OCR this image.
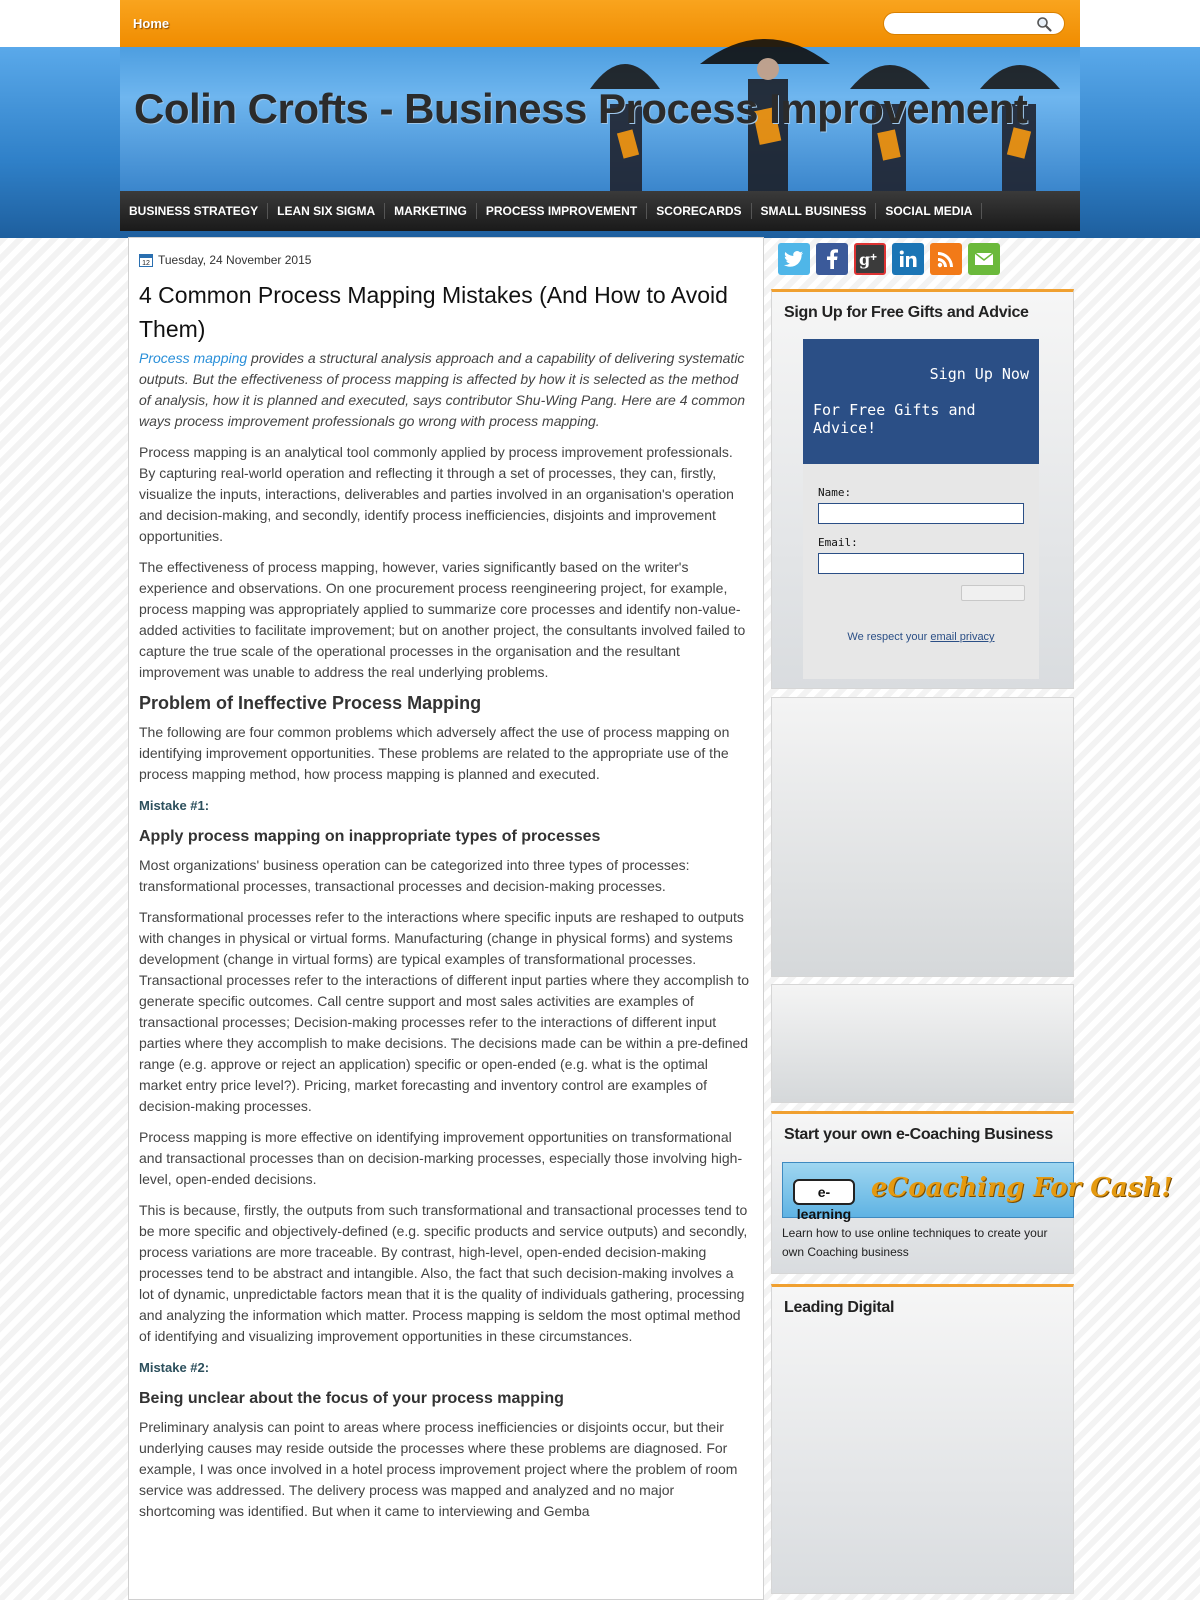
Home
Colin Crofts - Business Process Improvement
BUSINESS STRATEGY	LEAN SIX SIGMA	MARKETING	PROCESS IMPROVEMENT	SCORECARDS	SMALL BUSINESS	SOCIAL MEDIA
12 Tuesday, 24 November 2015
4 Common Process Mapping Mistakes (And How to Avoid Them)

Process mapping provides a structural analysis approach and a capability of delivering systematic outputs. But the effectiveness of process mapping is affected by how it is selected as the method of analysis, how it is planned and executed, says contributor Shu-Wing Pang. Here are 4 common ways process improvement professionals go wrong with process mapping.

Process mapping is an analytical tool commonly applied by process improvement professionals. By capturing real-world operation and reflecting it through a set of processes, they can, firstly, visualize the inputs, interactions, deliverables and parties involved in an organisation's operation and decision-making, and secondly, identify process inefficiencies, disjoints and improvement opportunities.

The effectiveness of process mapping, however, varies significantly based on the writer's experience and observations. On one procurement process reengineering project, for example, process mapping was appropriately applied to summarize core processes and identify non-value-added activities to facilitate improvement; but on another project, the consultants involved failed to capture the true scale of the operational processes in the organisation and the resultant improvement was unable to address the real underlying problems.

Problem of Ineffective Process Mapping

The following are four common problems which adversely affect the use of process mapping on identifying improvement opportunities. These problems are related to the appropriate use of the process mapping method, how process mapping is planned and executed.

Mistake #1:

Apply process mapping on inappropriate types of processes

Most organizations' business operation can be categorized into three types of processes: transformational processes, transactional processes and decision-making processes.

Transformational processes refer to the interactions where specific inputs are reshaped to outputs with changes in physical or virtual forms. Manufacturing (change in physical forms) and systems development (change in virtual forms) are typical examples of transformational processes. Transactional processes refer to the interactions of different input parties where they accomplish to generate specific outcomes. Call centre support and most sales activities are examples of transactional processes; Decision-making processes refer to the interactions of different input parties where they accomplish to make decisions. The decisions made can be within a pre-defined range (e.g. approve or reject an application) specific or open-ended (e.g. what is the optimal market entry price level?). Pricing, market forecasting and inventory control are examples of decision-making processes.

Process mapping is more effective on identifying improvement opportunities on transformational and transactional processes than on decision-marking processes, especially those involving high-level, open-ended decisions.

This is because, firstly, the outputs from such transformational and transactional processes tend to be more specific and objectively-defined (e.g. specific products and service outputs) and secondly, process variations are more traceable. By contrast, high-level, open-ended decision-making processes tend to be abstract and intangible. Also, the fact that such decision-making involves a lot of dynamic, unpredictable factors mean that it is the quality of individuals gathering, processing and analyzing the information which matter. Process mapping is seldom the most optimal method of identifying and visualizing improvement opportunities in these circumstances.

Mistake #2:

Being unclear about the focus of your process mapping

Preliminary analysis can point to areas where process inefficiencies or disjoints occur, but their underlying causes may reside outside the processes where these problems are diagnosed. For example, I was once involved in a hotel process improvement project where the problem of room service was addressed. The delivery process was mapped and analyzed and no major shortcoming was identified. But when it came to interviewing and Gemba

g +
Sign Up for Free Gifts and Advice
Sign Up Now
For Free Gifts and Advice!
Name:
Email:
We respect your email privacy
Start your own e-Coaching Business
e-learning
eCoaching For Cash!
Learn how to use online techniques to create your own Coaching business
Leading Digital
